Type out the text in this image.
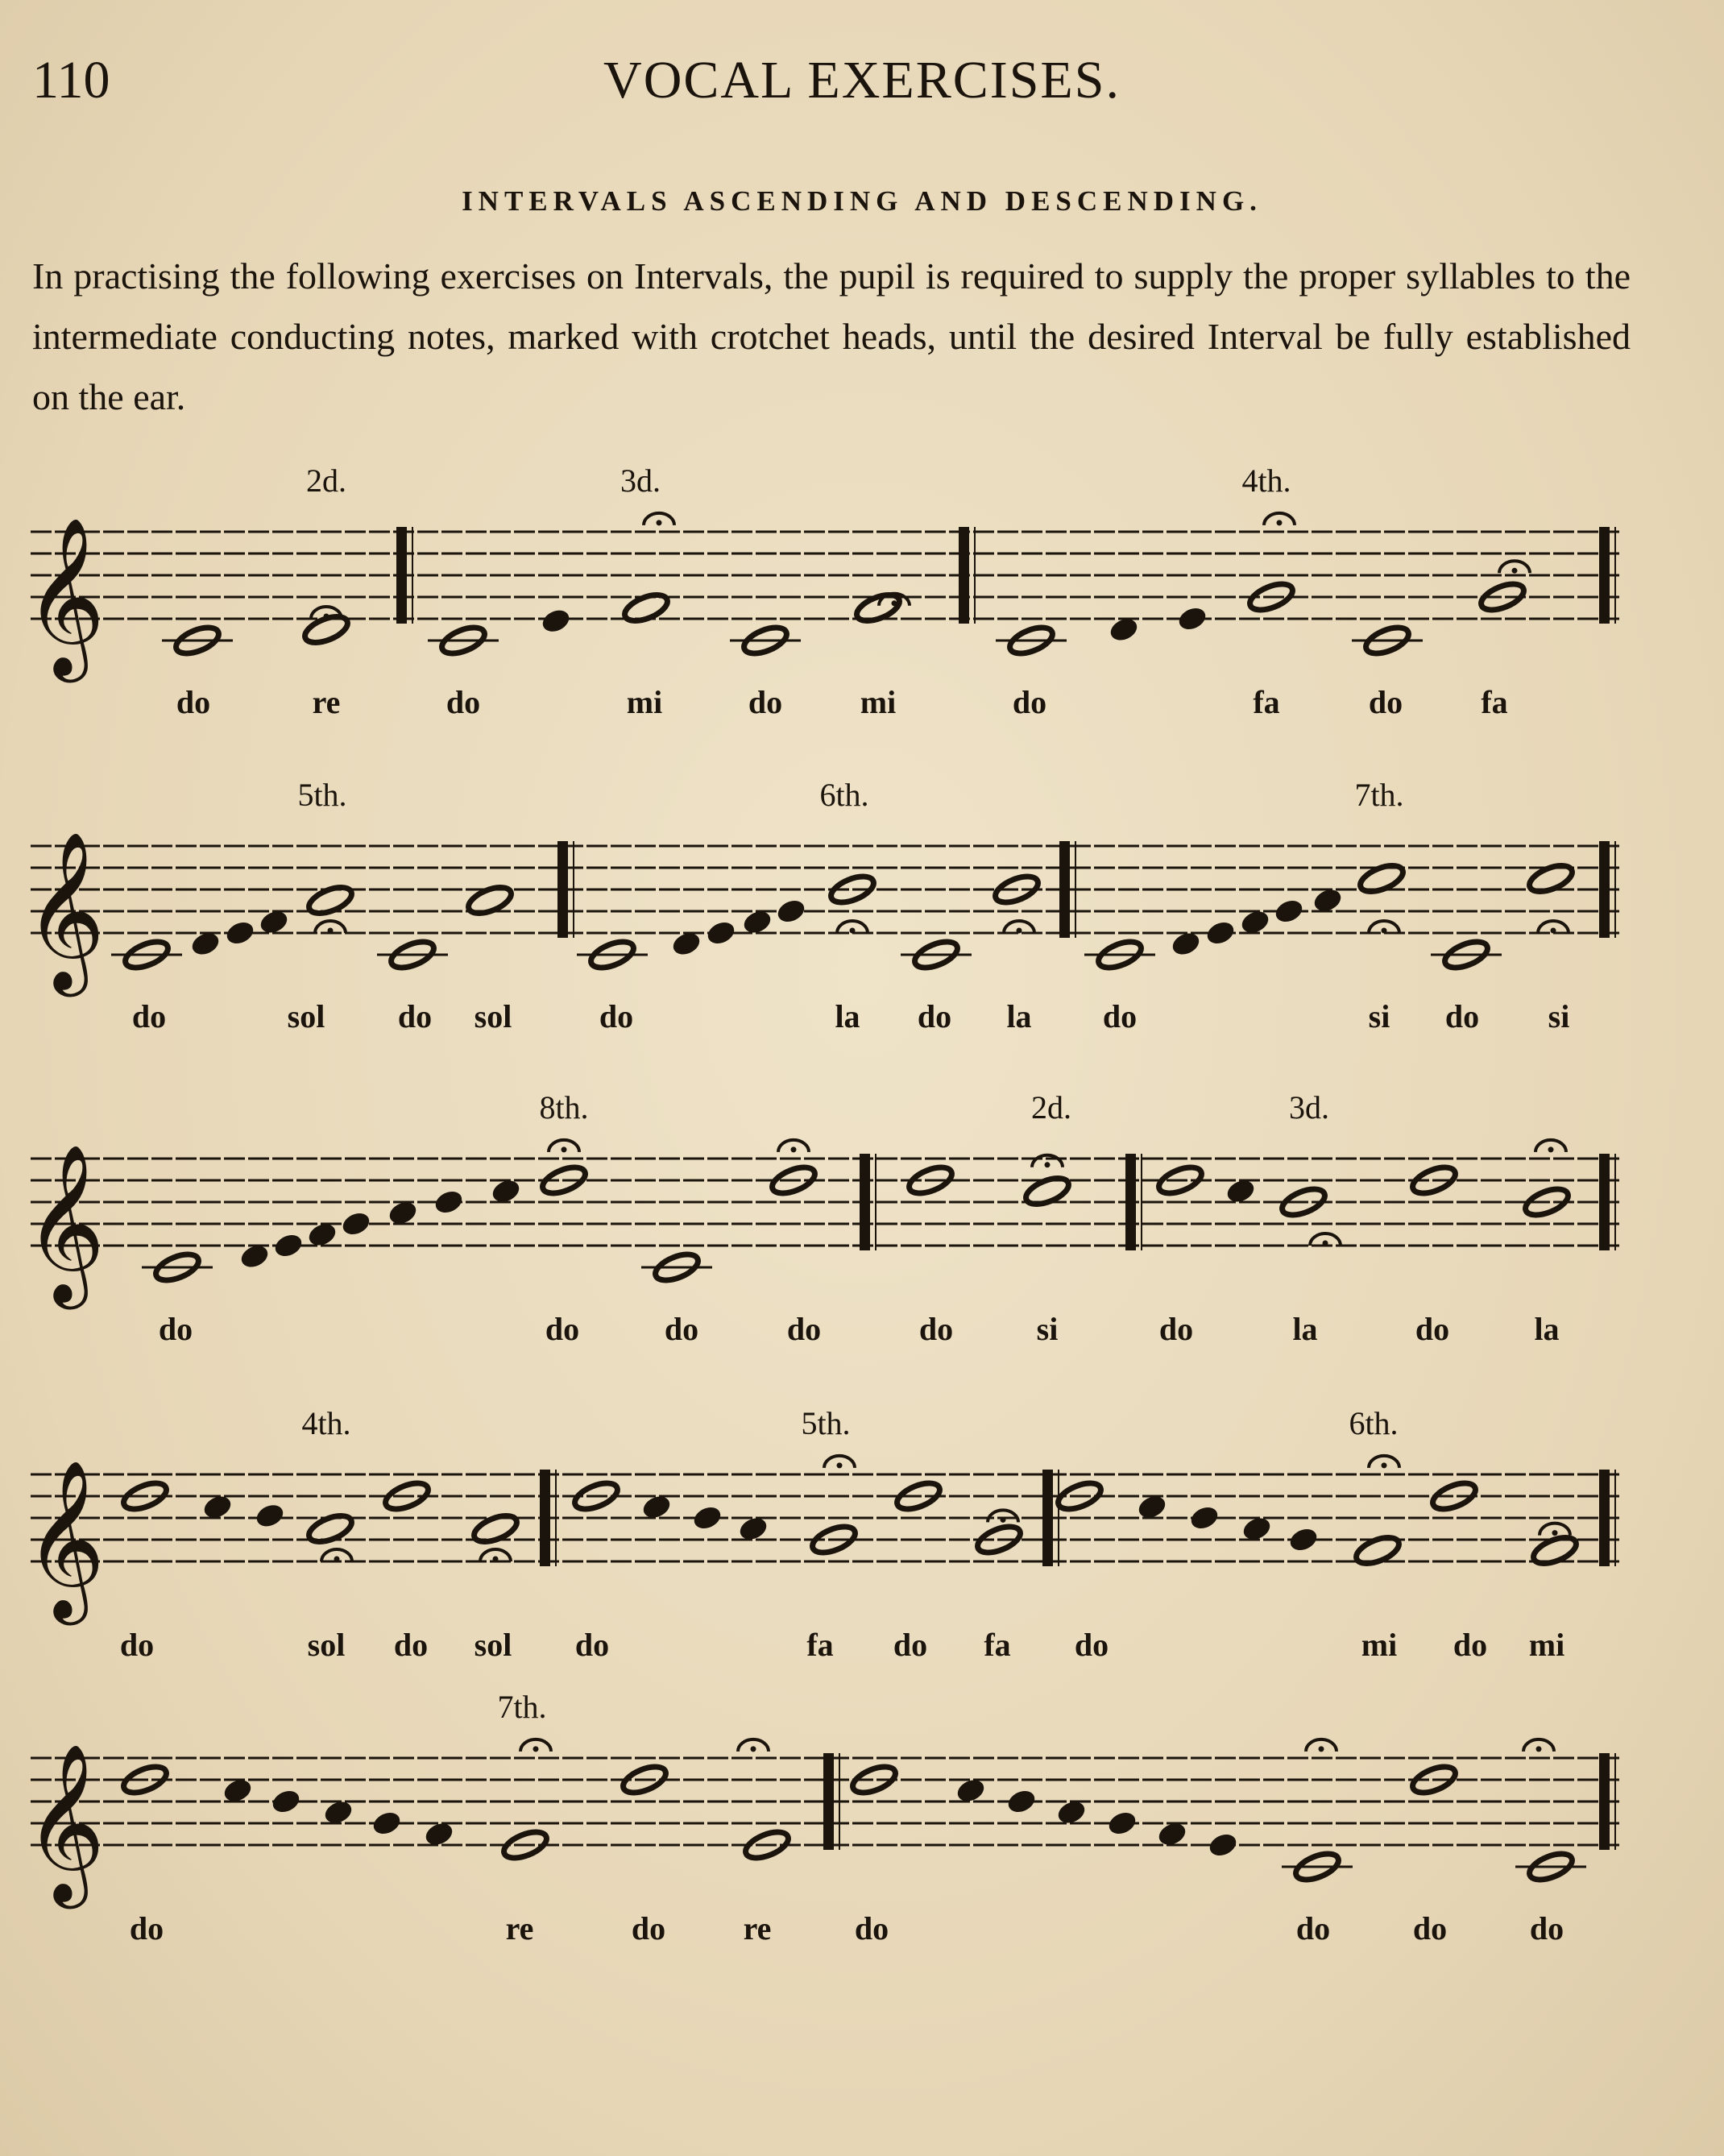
110	VOCAL EXERCISES.
INTERVALS ASCENDING AND DESCENDING.
In practising the following exercises on Intervals, the pupil is required to supply the proper syllables to the intermediate conducting notes, marked with crotchet heads, until the desired Interval be fully established on the ear.
𝄞
2d.	3d.	4th.
do	re	do	mi	do mi	do	fa	do fa
𝄞
5th.	6th.	7th.
do	sol do sol	do	la do la do	si do si
𝄞
8th.	2d.	3d.
do	do	do	do	do	si	do	la	do	la
𝄞
4th.	5th.	6th.
do	sol do sol do	fa do fa do	mi do mi
𝄞
7th.
do	re	do re	do	do	do	do
